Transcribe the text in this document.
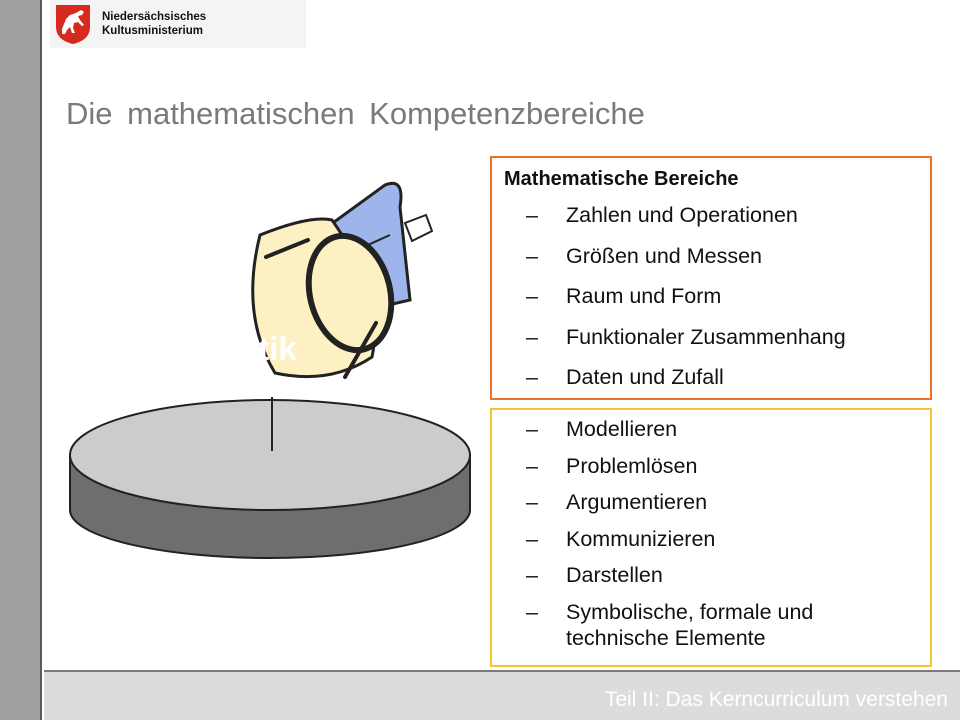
Niedersächsisches
Kultusministerium
Die mathematischen Kompetenzbereiche
Mathematik
Mathematische Bereiche
–	Zahlen und Operationen
–	Größen und Messen
–	Raum und Form
–	Funktionaler Zusammenhang
–	Daten und Zufall
–	Modellieren
–	Problemlösen
–	Argumentieren
–	Kommunizieren
–	Darstellen
–	Symbolische, formale und technische Elemente
Teil II: Das Kerncurriculum verstehen
